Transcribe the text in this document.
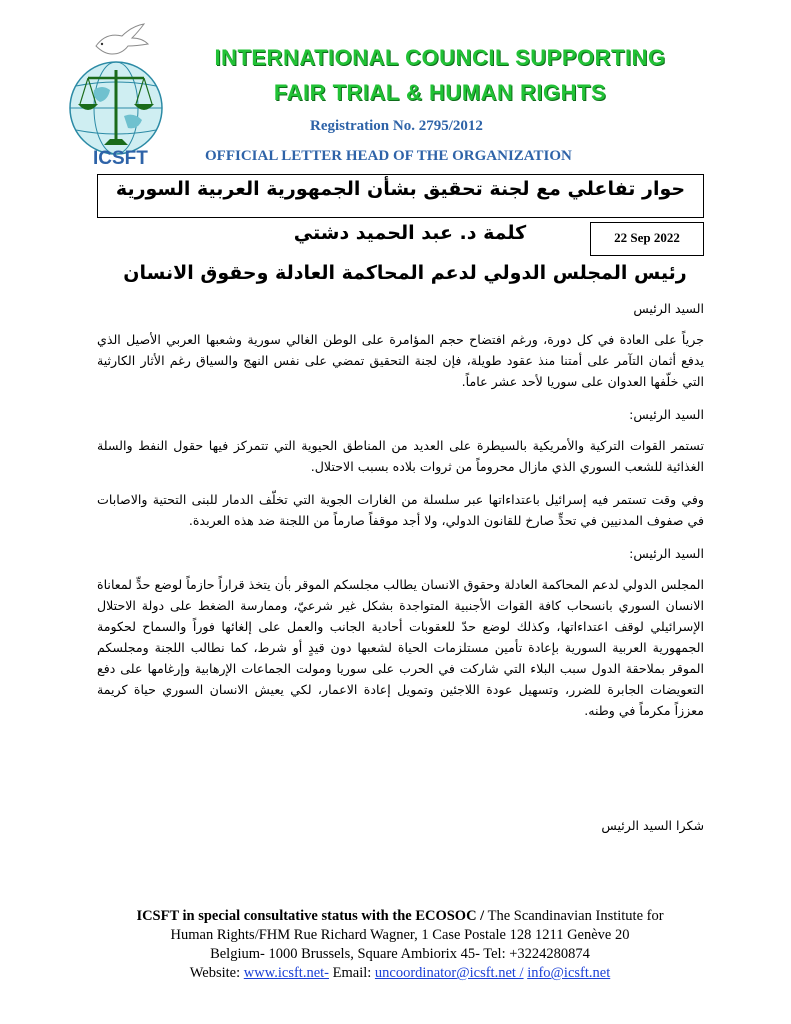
INTERNATIONAL COUNCIL SUPPORTING
FAIR TRIAL & HUMAN RIGHTS
Registration No. 2795/2012
ICSFT	OFFICIAL LETTER HEAD OF THE ORGANIZATION
حوار تفاعلي مع لجنة تحقيق بشأن الجمهورية العربية السورية
22 Sep 2022
كلمة د. عبد الحميد دشتي
رئيس المجلس الدولي لدعم المحاكمة العادلة وحقوق الانسان

السيد الرئيس

جرياً على العادة في كل دورة، ورغم افتضاح حجم المؤامرة على الوطن الغالي سورية وشعبها العربي الأصيل الذي يدفع أثمان التآمر على أمتنا منذ عقود طويلة، فإن لجنة التحقيق تمضي على نفس النهج والسياق رغم الأثار الكارثية التي خلّفها العدوان على سوريا لأحد عشر عاماً.

السيد الرئيس:

تستمر القوات التركية والأمريكية بالسيطرة على العديد من المناطق الحيوية التي تتمركز فيها حقول النفط والسلة الغذائية للشعب السوري الذي مازال محروماً من ثروات بلاده بسبب الاحتلال.

وفي وقت تستمر فيه إسرائيل باعتداءاتها عبر سلسلة من الغارات الجوية التي تخلّف الدمار للبنى التحتية والاصابات في صفوف المدنيين في تحدٍّ صارخ للقانون الدولي، ولا أجد موقفاً صارماً من اللجنة ضد هذه العربدة.

السيد الرئيس:

المجلس الدولي لدعم المحاكمة العادلة وحقوق الانسان يطالب مجلسكم الموقر بأن يتخذ قراراً حازماً لوضع حدٍّ لمعاناة الانسان السوري بانسحاب كافة القوات الأجنبية المتواجدة بشكل غير شرعيّ، وممارسة الضغط على دولة الاحتلال الإسرائيلي لوقف اعتداءاتها، وكذلك لوضع حدّ للعقوبات أحادية الجانب والعمل على إلغائها فوراً والسماح لحكومة الجمهورية العربية السورية بإعادة تأمين مستلزمات الحياة لشعبها دون قيدٍ أو شرط، كما نطالب اللجنة ومجلسكم الموقر بملاحقة الدول سبب البلاء التي شاركت في الحرب على سوريا ومولت الجماعات الإرهابية وإرغامها على دفع التعويضات الجابرة للضرر، وتسهيل عودة اللاجئين وتمويل إعادة الاعمار، لكي يعيش الانسان السوري حياة كريمة معززاً مكرماً في وطنه.

شكرا السيد الرئيس
ICSFT in special consultative status with the ECOSOC / The Scandinavian Institute for
Human Rights/FHM Rue Richard Wagner, 1 Case Postale 128 1211 Genève 20
Belgium- 1000 Brussels, Square Ambiorix 45- Tel: +3224280874
Website: www.icsft.net- Email: uncoordinator@icsft.net / info@icsft.net
